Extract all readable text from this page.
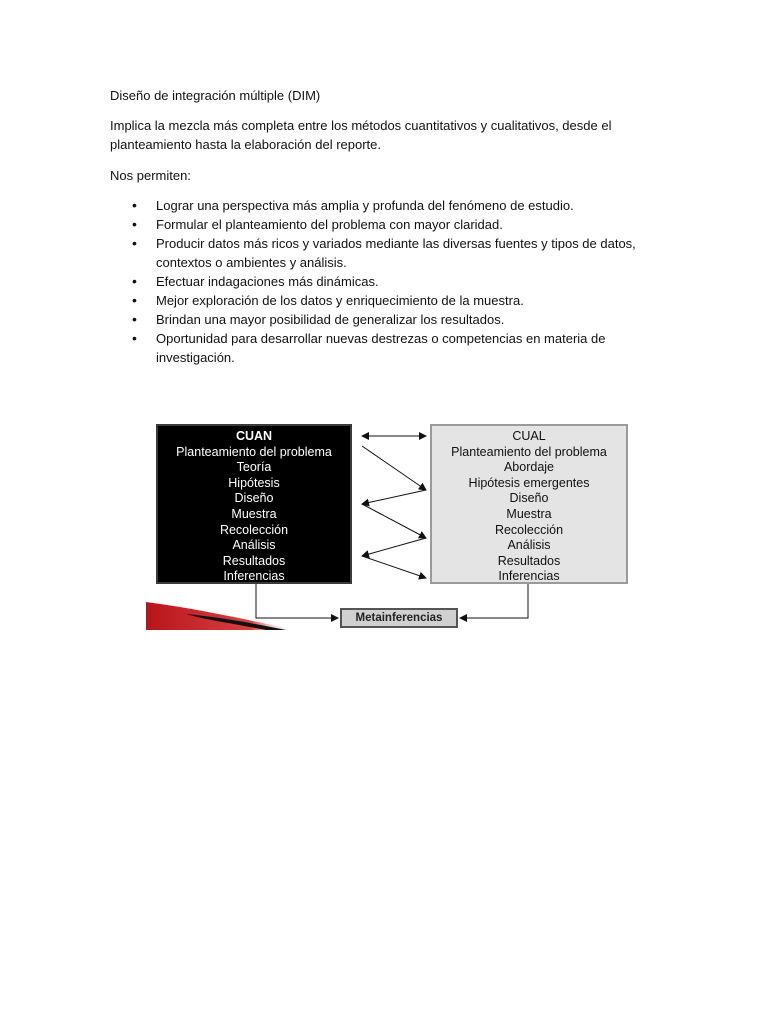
Diseño de integración múltiple (DIM)
Implica la mezcla más completa entre los métodos cuantitativos y cualitativos, desde el planteamiento hasta la elaboración del reporte.
Nos permiten:
• Lograr una perspectiva más amplia y profunda del fenómeno de estudio.
• Formular el planteamiento del problema con mayor claridad.
• Producir datos más ricos y variados mediante las diversas fuentes y tipos de datos, contextos o ambientes y análisis.
• Efectuar indagaciones más dinámicas.
• Mejor exploración de los datos y enriquecimiento de la muestra.
• Brindan una mayor posibilidad de generalizar los resultados.
• Oportunidad para desarrollar nuevas destrezas o competencias en materia de investigación.
CUAN
Planteamiento del problema
Teoría
Hipótesis
Diseño
Muestra
Recolección
Análisis
Resultados
Inferencias
CUAL
Planteamiento del problema
Abordaje
Hipótesis emergentes
Diseño
Muestra
Recolección
Análisis
Resultados
Inferencias
Metainferencias
